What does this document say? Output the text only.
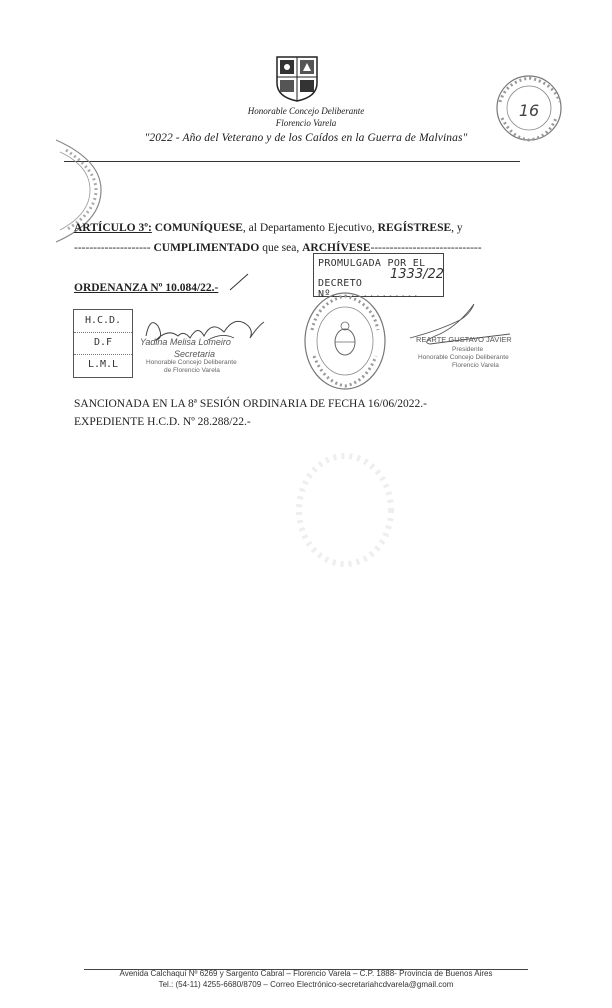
Honorable Concejo Deliberante
Florencio Varela
"2022 - Año del Veterano y de los Caídos en la Guerra de Malvinas"
16
ARTÍCULO 3º: COMUNÍQUESE, al Departamento Ejecutivo, REGÍSTRESE, y
-------------------- CUMPLIMENTADO que sea, ARCHÍVESE-----------------------------
ORDENANZA Nº 10.084/22.-
PROMULGADA POR EL
DECRETO Nº..............
1333/22
H.C.D.
D.F
L.M.L
Yadina Melisa Lomeiro
Secretaria
Honorable Concejo Deliberante
de Florencio Varela
REARTE GUSTAVO JAVIER
Presidente
Honorable Concejo Deliberante
Florencio Varela
SANCIONADA EN LA 8ª SESIÓN ORDINARIA DE FECHA 16/06/2022.-
EXPEDIENTE H.C.D. Nº 28.288/22.-
Avenida Calchaquí Nº 6269 y Sargento Cabral – Florencio Varela – C.P. 1888- Provincia de Buenos Aires
Tel.: (54-11) 4255-6680/8709 – Correo Electrónico-secretariahcdvarela@gmail.com
